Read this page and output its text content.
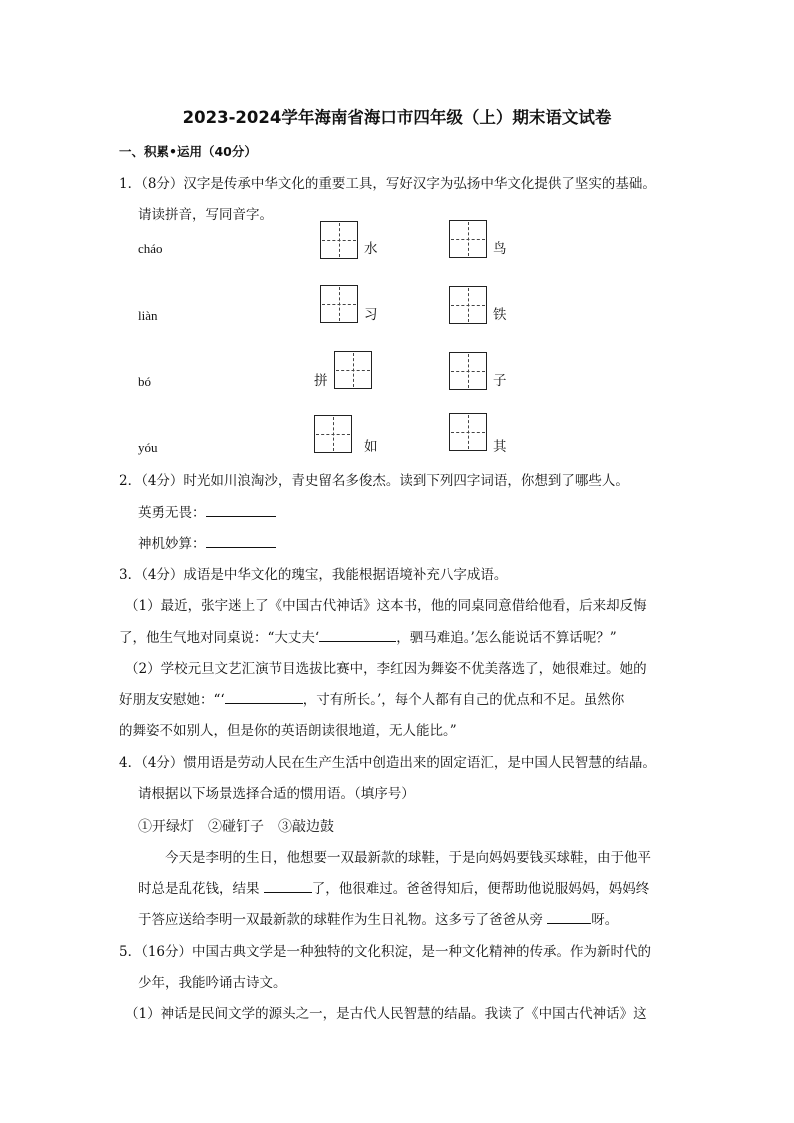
2023-2024学年海南省海口市四年级（上）期末语文试卷
一、积累•运用（40分）
1．（8分）汉字是传承中华文化的重要工具，写好汉字为弘扬中华文化提供了坚实的基础。
请读拼音，写同音字。
cháo	水	鸟
liàn	习	铁
bó	拼	子
yóu	如	其
2．（4分）时光如川浪淘沙，青史留名多俊杰。读到下列四字词语，你想到了哪些人。
英勇无畏：
神机妙算：
3．（4分）成语是中华文化的瑰宝，我能根据语境补充八字成语。
（1）最近，张宇迷上了《中国古代神话》这本书，他的同桌同意借给他看，后来却反悔
了，他生气地对同桌说：“大丈夫‘	，驷马难追。’怎么能说话不算话呢？”
（2）学校元旦文艺汇演节目选拔比赛中，李红因为舞姿不优美落选了，她很难过。她的
好朋友安慰她：“‘	，寸有所长。’，每个人都有自己的优点和不足。虽然你
的舞姿不如别人，但是你的英语朗读很地道，无人能比。”
4．（4分）惯用语是劳动人民在生产生活中创造出来的固定语汇，是中国人民智慧的结晶。
请根据以下场景选择合适的惯用语。（填序号）
①开绿灯　②碰钉子　③敲边鼓
今天是李明的生日，他想要一双最新款的球鞋，于是向妈妈要钱买球鞋，由于他平
时总是乱花钱，结果	了，他很难过。爸爸得知后，便帮助他说服妈妈，妈妈终
于答应送给李明一双最新款的球鞋作为生日礼物。这多亏了爸爸从旁	呀。
5．（16分）中国古典文学是一种独特的文化积淀，是一种文化精神的传承。作为新时代的
少年，我能吟诵古诗文。
（1）神话是民间文学的源头之一，是古代人民智慧的结晶。我读了《中国古代神话》这
